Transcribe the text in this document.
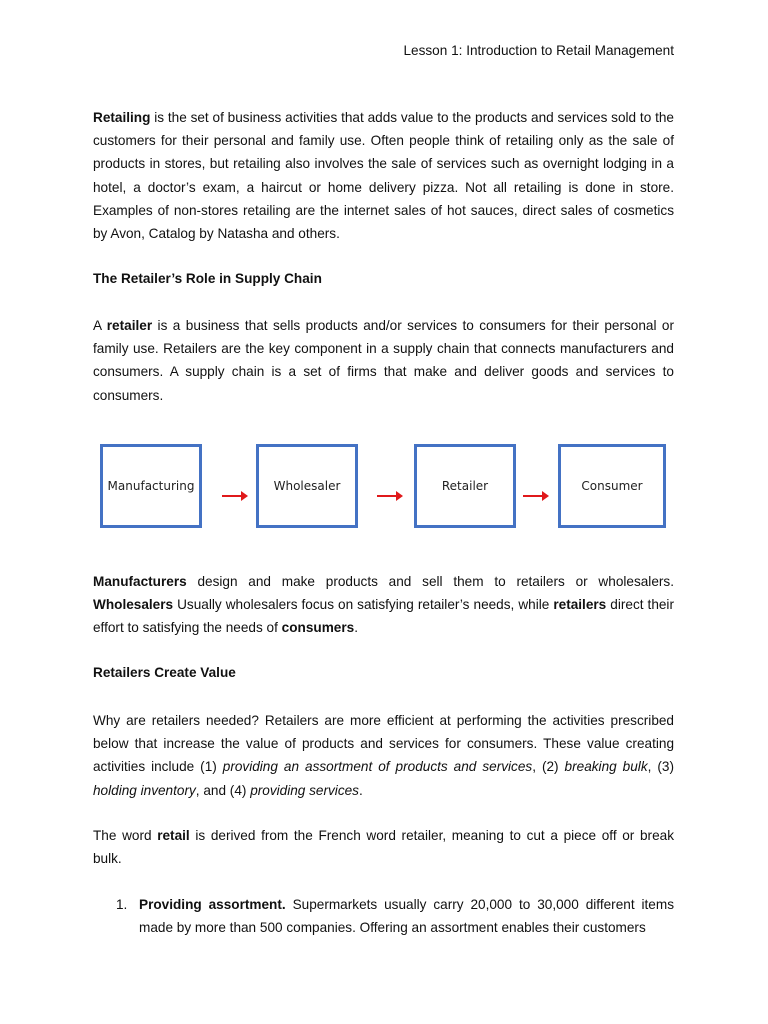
Lesson 1: Introduction to Retail Management
Retailing is the set of business activities that adds value to the products and services sold to the customers for their personal and family use. Often people think of retailing only as the sale of products in stores, but retailing also involves the sale of services such as overnight lodging in a hotel, a doctor’s exam, a haircut or home delivery pizza. Not all retailing is done in store. Examples of non-stores retailing are the internet sales of hot sauces, direct sales of cosmetics by Avon, Catalog by Natasha and others.
The Retailer’s Role in Supply Chain
A retailer is a business that sells products and/or services to consumers for their personal or family use. Retailers are the key component in a supply chain that connects manufacturers and consumers. A supply chain is a set of firms that make and deliver goods and services to consumers.
Manufacturing	Wholesaler	Retailer	Consumer
Manufacturers design and make products and sell them to retailers or wholesalers. Wholesalers Usually wholesalers focus on satisfying retailer’s needs, while retailers direct their effort to satisfying the needs of consumers.
Retailers Create Value
Why are retailers needed? Retailers are more efficient at performing the activities prescribed below that increase the value of products and services for consumers. These value creating activities include (1) providing an assortment of products and services, (2) breaking bulk, (3) holding inventory, and (4) providing services.
The word retail is derived from the French word retailer, meaning to cut a piece off or break bulk.
1. Providing assortment. Supermarkets usually carry 20,000 to 30,000 different items made by more than 500 companies. Offering an assortment enables their customers
